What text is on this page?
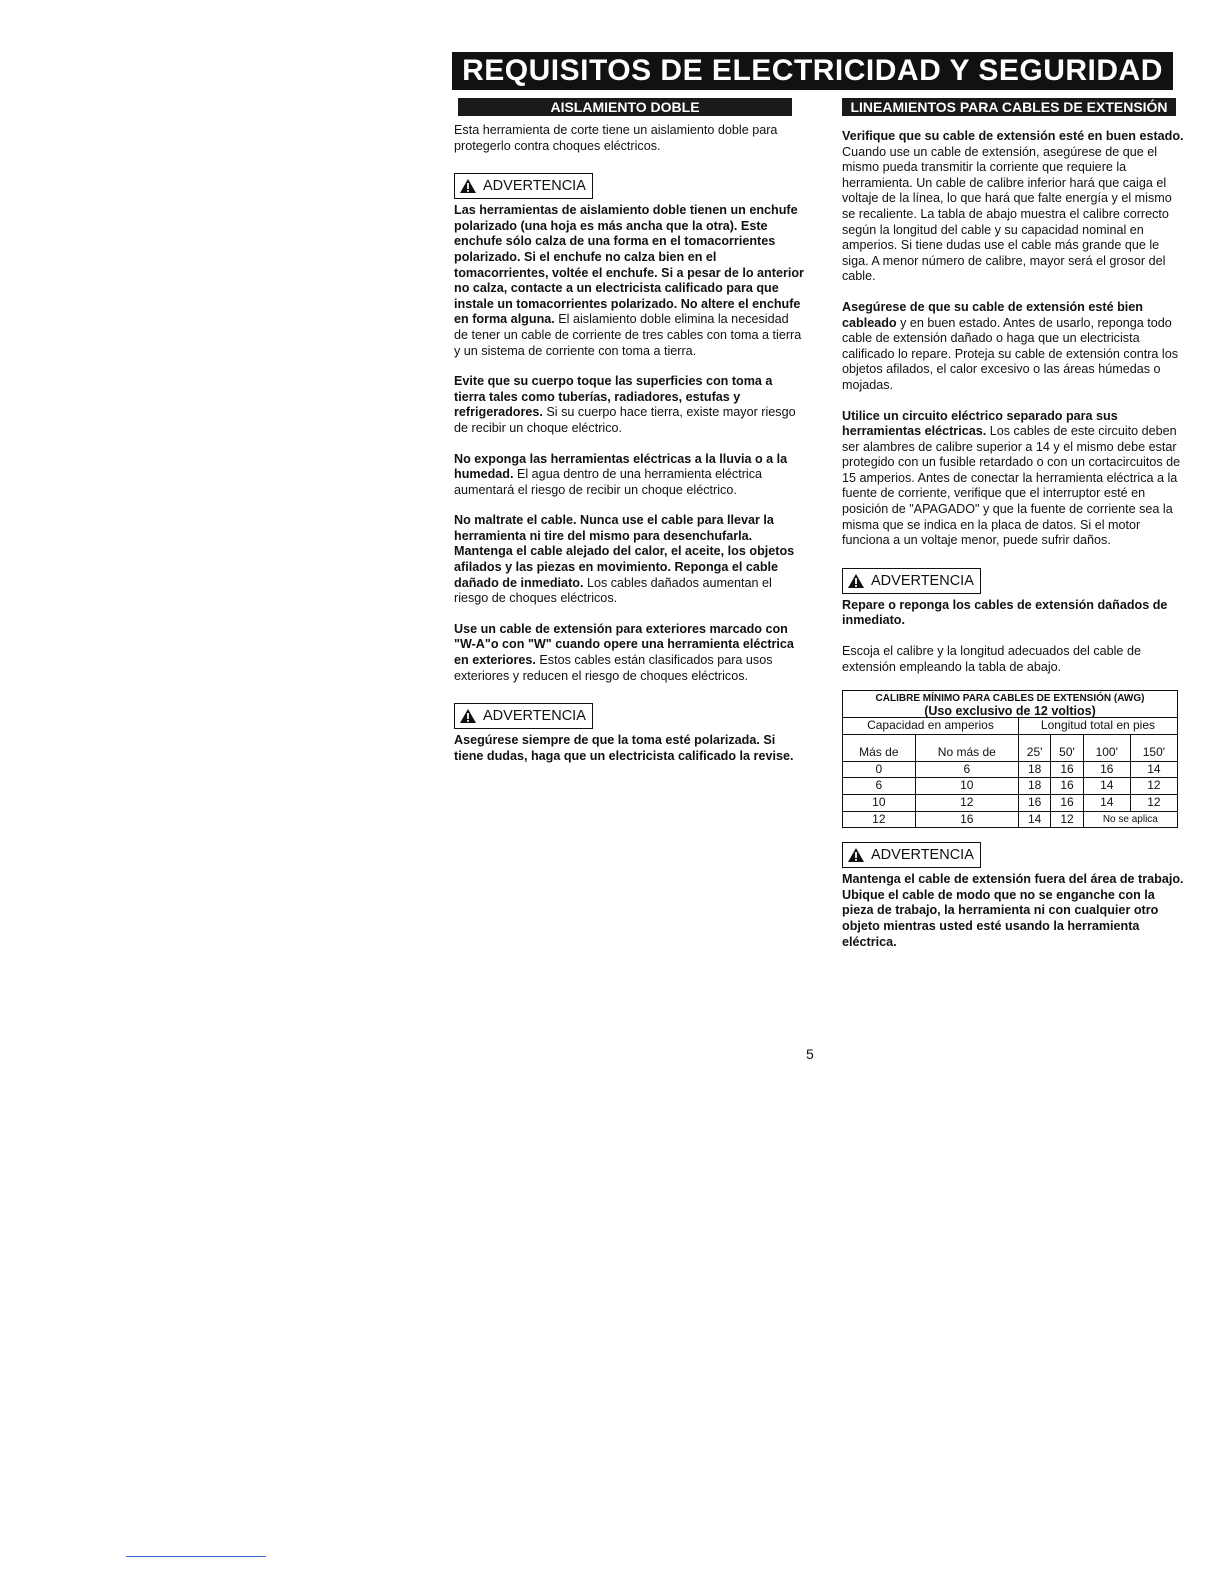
REQUISITOS DE ELECTRICIDAD Y SEGURIDAD
AISLAMIENTO DOBLE	LINEAMIENTOS PARA CABLES DE EXTENSIÓN

Esta herramienta de corte tiene un aislamiento doble para protegerlo contra choques eléctricos.

ADVERTENCIA

Las herramientas de aislamiento doble tienen un enchufe polarizado (una hoja es más ancha que la otra). Este enchufe sólo calza de una forma en el tomacorrientes polarizado. Si el enchufe no calza bien en el tomacorrientes, voltée el enchufe. Si a pesar de lo anterior no calza, contacte a un electricista calificado para que instale un tomacorrientes polarizado. No altere el enchufe en forma alguna. El aislamiento doble elimina la necesidad de tener un cable de corriente de tres cables con toma a tierra y un sistema de corriente con toma a tierra.

Evite que su cuerpo toque las superficies con toma a tierra tales como tuberías, radiadores, estufas y refrigeradores. Si su cuerpo hace tierra, existe mayor riesgo de recibir un choque eléctrico.

No exponga las herramientas eléctricas a la lluvia o a la humedad. El agua dentro de una herramienta eléctrica aumentará el riesgo de recibir un choque eléctrico.

No maltrate el cable. Nunca use el cable para llevar la herramienta ni tire del mismo para desenchufarla. Mantenga el cable alejado del calor, el aceite, los objetos afilados y las piezas en movimiento. Reponga el cable dañado de inmediato. Los cables dañados aumentan el riesgo de choques eléctricos.

Use un cable de extensión para exteriores marcado con "W-A"o con "W" cuando opere una herramienta eléctrica en exteriores. Estos cables están clasificados para usos exteriores y reducen el riesgo de choques eléctricos.

ADVERTENCIA

Asegúrese siempre de que la toma esté polarizada. Si tiene dudas, haga que un electricista calificado la revise.

Verifique que su cable de extensión esté en buen estado. Cuando use un cable de extensión, asegúrese de que el mismo pueda transmitir la corriente que requiere la herramienta. Un cable de calibre inferior hará que caiga el voltaje de la línea, lo que hará que falte energía y el mismo se recaliente. La tabla de abajo muestra el calibre correcto según la longitud del cable y su capacidad nominal en amperios. Si tiene dudas use el cable más grande que le siga. A menor número de calibre, mayor será el grosor del cable.

Asegúrese de que su cable de extensión esté bien cableado y en buen estado. Antes de usarlo, reponga todo cable de extensión dañado o haga que un electricista calificado lo repare. Proteja su cable de extensión contra los objetos afilados, el calor excesivo o las áreas húmedas o mojadas.

Utilice un circuito eléctrico separado para sus herramientas eléctricas. Los cables de este circuito deben ser alambres de calibre superior a 14 y el mismo debe estar protegido con un fusible retardado o con un cortacircuitos de 15 amperios. Antes de conectar la herramienta eléctrica a la fuente de corriente, verifique que el interruptor esté en posición de "APAGADO" y que la fuente de corriente sea la misma que se indica en la placa de datos. Si el motor funciona a un voltaje menor, puede sufrir daños.

ADVERTENCIA

Repare o reponga los cables de extensión dañados de inmediato.

Escoja el calibre y la longitud adecuados del cable de extensión empleando la tabla de abajo.

CALIBRE MÍNIMO PARA CABLES DE EXTENSIÓN (AWG)
(Uso exclusivo de 12 voltios)
Capacidad en amperios		Longitud total en pies			
Más de	No más de	25'	50'	100'	150'
0	6	18	16	16	14
6	10	18	16	14	12
10	12	16	16	14	12
12	16	14	12	No se aplica	
ADVERTENCIA

Mantenga el cable de extensión fuera del área de trabajo. Ubique el cable de modo que no se enganche con la pieza de trabajo, la herramienta ni con cualquier otro objeto mientras usted esté usando la herramienta eléctrica.

5
